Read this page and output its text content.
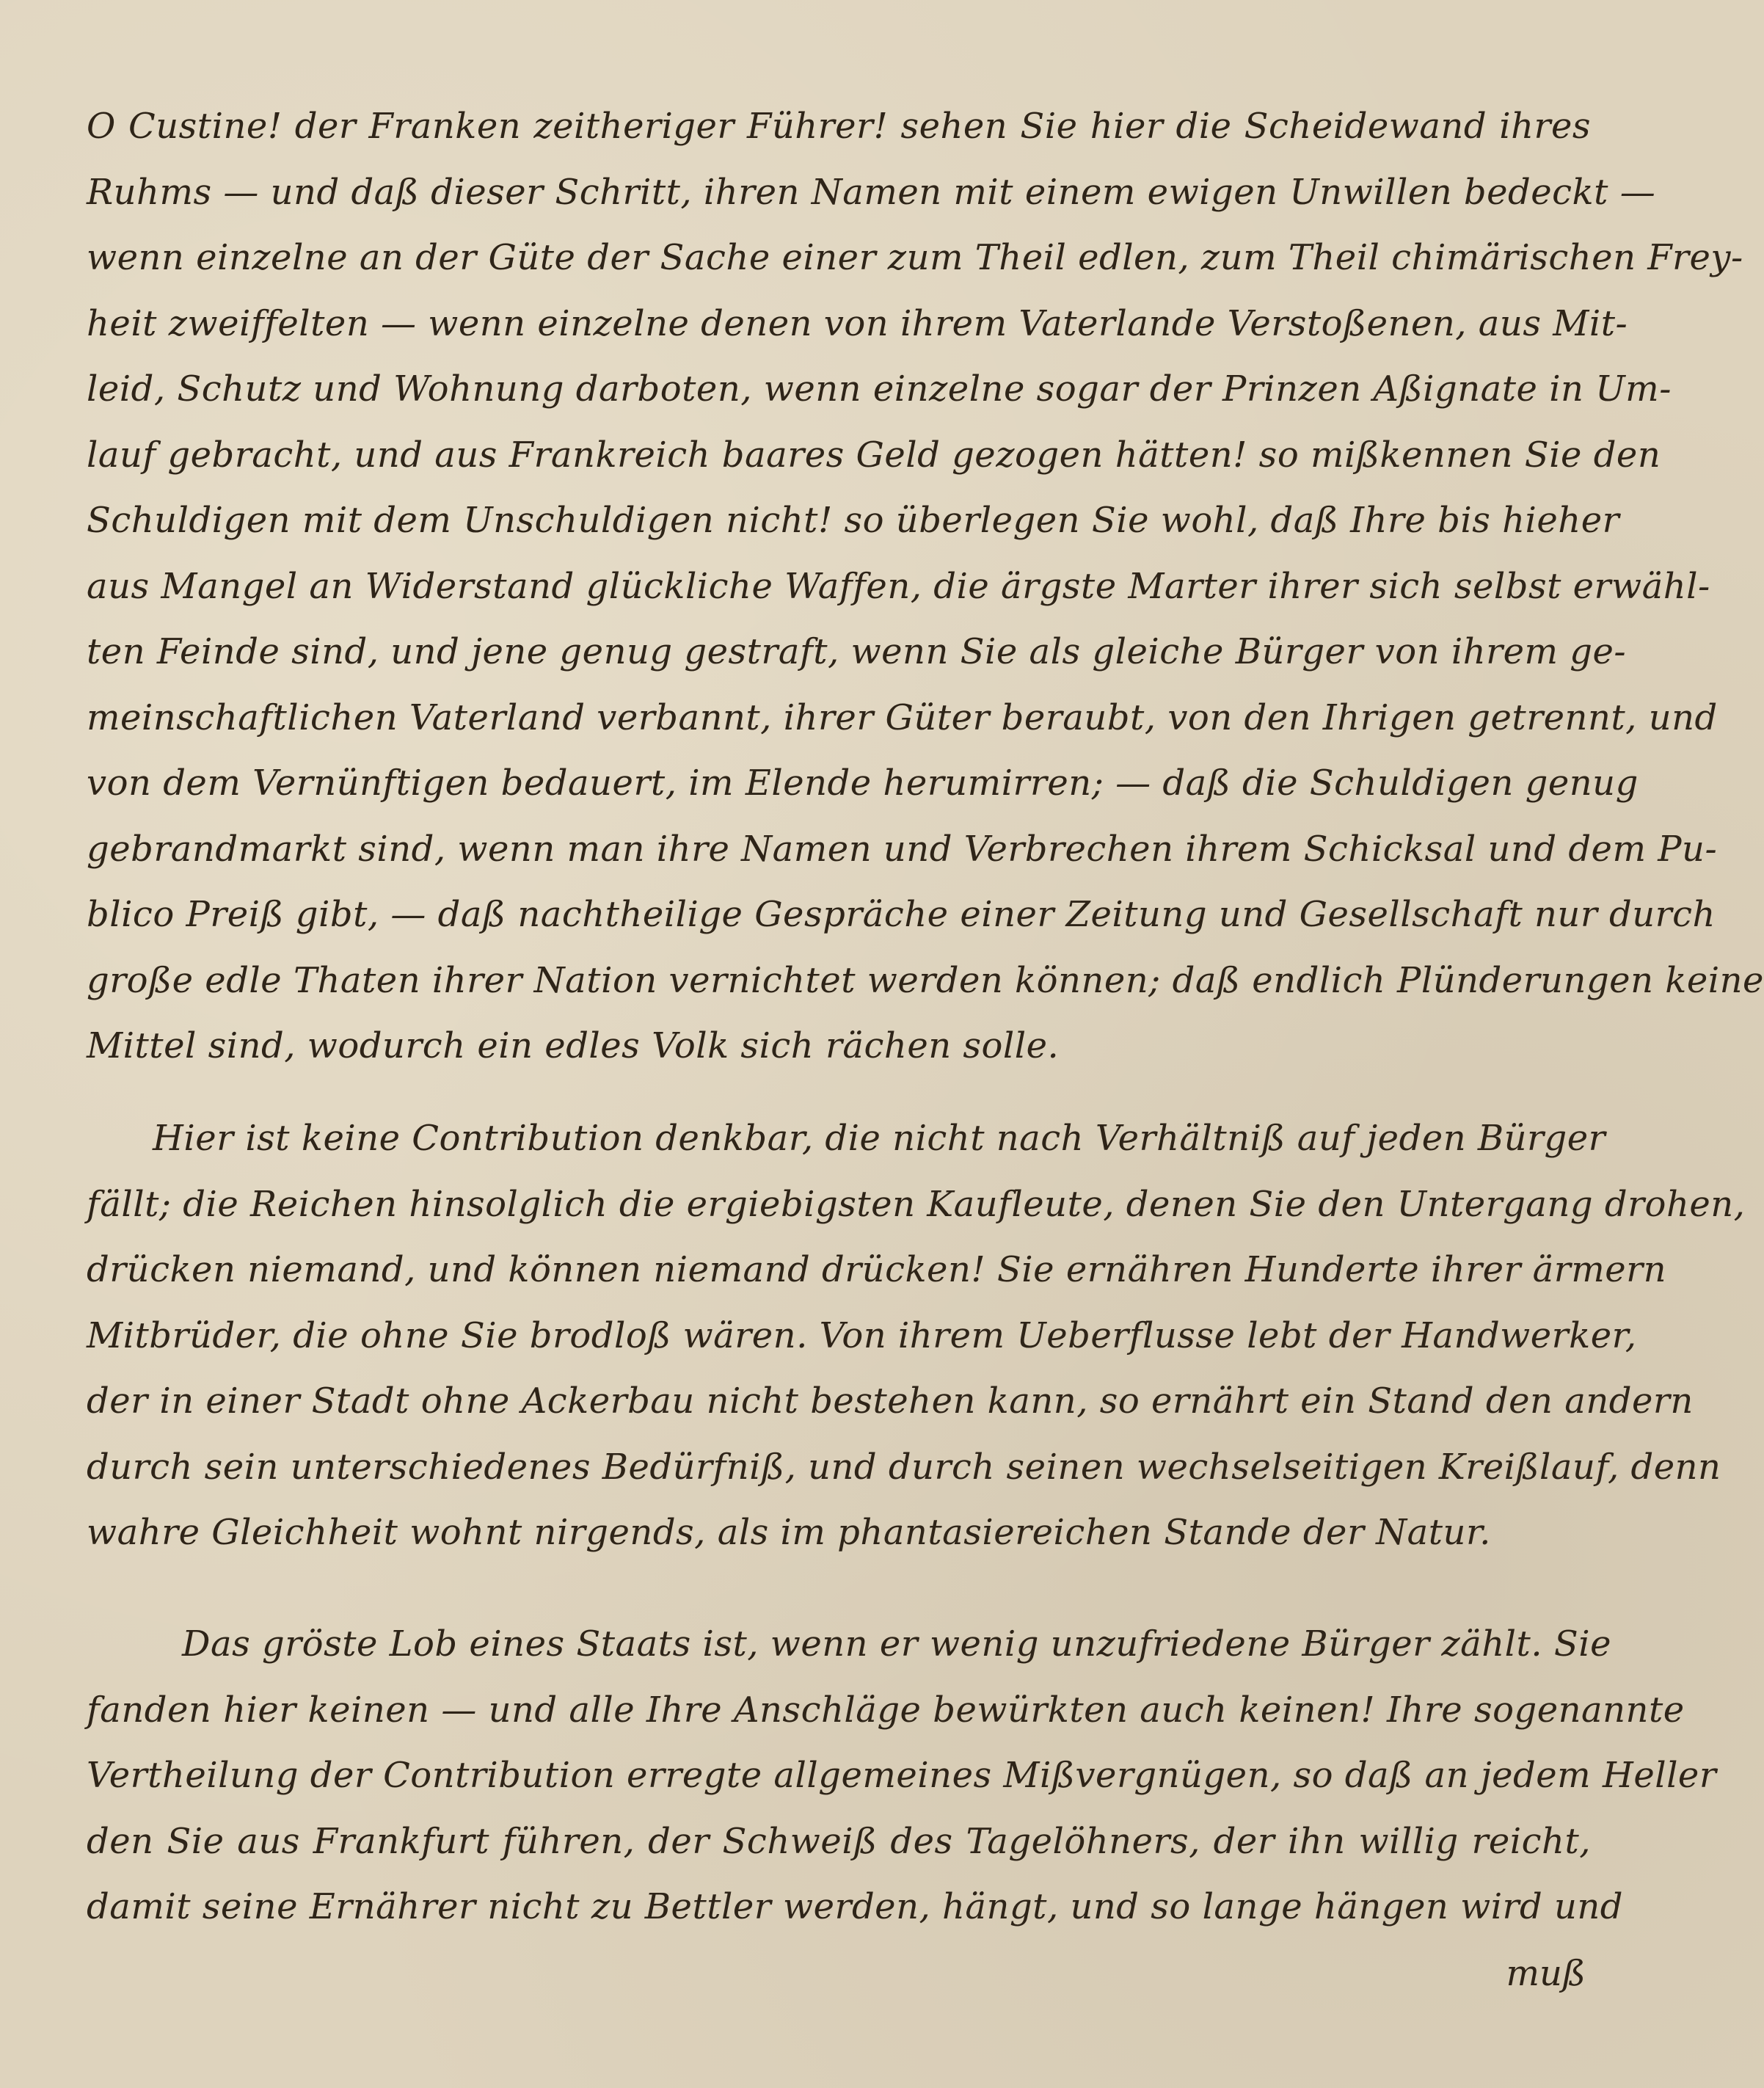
O Custine! der Franken zeitheriger Führer! sehen Sie hier die Scheidewand ihres
Ruhms — und daß dieser Schritt, ihren Namen mit einem ewigen Unwillen bedeckt —
wenn einzelne an der Güte der Sache einer zum Theil edlen, zum Theil chimärischen Frey-
heit zweiffelten — wenn einzelne denen von ihrem Vaterlande Verstoßenen, aus Mit-
leid, Schutz und Wohnung darboten, wenn einzelne sogar der Prinzen Aßignate in Um-
lauf gebracht, und aus Frankreich baares Geld gezogen hätten! so mißkennen Sie den
Schuldigen mit dem Unschuldigen nicht! so überlegen Sie wohl, daß Ihre bis hieher
aus Mangel an Widerstand glückliche Waffen, die ärgste Marter ihrer sich selbst erwähl-
ten Feinde sind, und jene genug gestraft, wenn Sie als gleiche Bürger von ihrem ge-
meinschaftlichen Vaterland verbannt, ihrer Güter beraubt, von den Ihrigen getrennt, und
von dem Vernünftigen bedauert, im Elende herumirren; — daß die Schuldigen genug
gebrandmarkt sind, wenn man ihre Namen und Verbrechen ihrem Schicksal und dem Pu-
blico Preiß gibt, — daß nachtheilige Gespräche einer Zeitung und Gesellschaft nur durch
große edle Thaten ihrer Nation vernichtet werden können; daß endlich Plünderungen keine
Mittel sind, wodurch ein edles Volk sich rächen solle.
Hier ist keine Contribution denkbar, die nicht nach Verhältniß auf jeden Bürger
fällt; die Reichen hinsolglich die ergiebigsten Kaufleute, denen Sie den Untergang drohen,
drücken niemand, und können niemand drücken! Sie ernähren Hunderte ihrer ärmern
Mitbrüder, die ohne Sie brodloß wären. Von ihrem Ueberflusse lebt der Handwerker,
der in einer Stadt ohne Ackerbau nicht bestehen kann, so ernährt ein Stand den andern
durch sein unterschiedenes Bedürfniß, und durch seinen wechselseitigen Kreißlauf, denn
wahre Gleichheit wohnt nirgends, als im phantasiereichen Stande der Natur.
Das gröste Lob eines Staats ist, wenn er wenig unzufriedene Bürger zählt. Sie
fanden hier keinen — und alle Ihre Anschläge bewürkten auch keinen! Ihre sogenannte
Vertheilung der Contribution erregte allgemeines Mißvergnügen, so daß an jedem Heller
den Sie aus Frankfurt führen, der Schweiß des Tagelöhners, der ihn willig reicht,
damit seine Ernährer nicht zu Bettler werden, hängt, und so lange hängen wird und
muß
